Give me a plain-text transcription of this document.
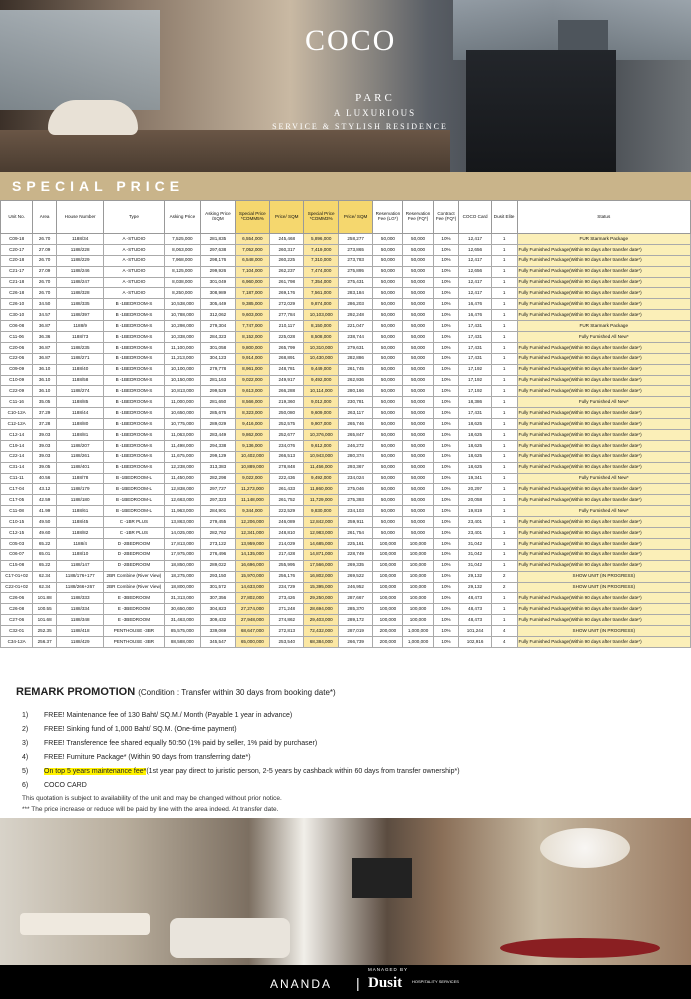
COCO
PARC
A LUXURIOUS
SERVICE & STYLISH RESIDENCE
SPECIAL PRICE
Unit No.	Area	House Number	Type	Asking Price	Asking Price /SQM	Special Price *COMM5%	Price/ SQM	Special Price *COMM3%	Price/ SQM	Reservation Fee (LG*)	Reservation Fee (FQ*)	Contract Fee (FQ*)	COCO Card	Dusit Elite	Status
C09-18	26.70	1188/34	A -STUDIO	7,525,000	281,835	6,554,000	245,468	5,896,000	258,277	50,000	50,000	10%	12,417	1	FUR Starmark Package
C20-17	27.09	1188/228	A -STUDIO	8,063,000	297,638	7,052,000	260,317	7,419,000	273,865	50,000	50,000	10%	12,656	1	Fully Furnished Package(Within 90 days after transfer date*)
C20-18	26.70	1188/229	A -STUDIO	7,968,000	298,176	6,548,000	260,225	7,310,000	273,783	50,000	50,000	10%	12,417	1	Fully Furnished Package(Within 90 days after transfer date*)
C21-17	27.09	1188/246	A -STUDIO	8,125,000	299,926	7,104,000	262,237	7,474,000	275,895	50,000	50,000	10%	12,656	1	Fully Furnished Package(Within 90 days after transfer date*)
C21-18	26.70	1188/247	A -STUDIO	8,038,000	301,049	6,960,000	261,798	7,354,000	275,431	50,000	50,000	10%	12,417	1	Fully Furnished Package(Within 90 days after transfer date*)
C26-18	26.70	1188/328	A -STUDIO	8,250,000	308,989	7,187,000	269,176	7,561,000	283,184	50,000	50,000	10%	12,417	1	Fully Furnished Package(Within 90 days after transfer date*)
C26-10	34.50	1188/335	B -1BEDROOM-S	10,538,000	305,449	9,385,000	272,029	9,874,000	286,203	50,000	50,000	10%	16,476	1	Fully Furnished Package(Within 90 days after transfer date*)
C30-10	34.57	1188/397	B -1BEDROOM-S	10,788,000	312,062	9,603,000	277,784	10,103,000	292,248	50,000	50,000	10%	16,476	1	Fully Furnished Package(Within 90 days after transfer date*)
C06-08	36.87	1188/9	B -1BEDROOM-S	10,298,000	279,304	7,747,000	210,117	8,150,000	221,047	50,000	50,000	10%	17,431	1	FUR Starmark Package
C11-06	36.36	1188/73	B -1BEDROOM-S	10,338,000	284,323	8,152,000	225,028	8,508,000	238,744	50,000	50,000	10%	17,431	1	Fully Furnished All New*
C20-06	36.87	1188/235	B -1BEDROOM-S	11,100,000	301,058	9,800,000	265,799	10,310,000	279,631	50,000	50,000	10%	17,431	1	Fully Furnished Package(Within 90 days after transfer date*)
C22-06	36.87	1188/271	B -1BEDROOM-S	11,213,000	304,123	9,914,000	268,891	10,430,000	282,886	50,000	50,000	10%	17,431	1	Fully Furnished Package(Within 90 days after transfer date*)
C09-09	36.10	1188/40	B -1BEDROOM-S	10,100,000	279,778	8,961,000	248,781	9,449,000	261,745	50,000	50,000	10%	17,192	1	Fully Furnished Package(Within 90 days after transfer date*)
C10-09	36.10	1188/58	B -1BEDROOM-S	10,150,000	281,163	9,022,000	249,917	9,492,000	262,936	50,000	50,000	10%	17,192	1	Fully Furnished Package(Within 90 days after transfer date*)
C22-09	36.10	1188/274	B -1BEDROOM-S	10,813,000	299,529	9,613,000	266,288	10,114,000	280,166	50,000	50,000	10%	17,192	1	Fully Furnished Package(Within 90 days after transfer date*)
C11-16	35.05	1188/85	B -1BEDROOM-S	11,000,000	281,650	8,566,000	219,360	9,012,000	230,781	50,000	50,000	10%	18,386	1	Fully Furnished All New*
C10-12A	37.29	1188/44	B -1BEDROOM-S	10,650,000	285,676	8,323,000	250,080	9,609,000	263,117	50,000	50,000	10%	17,431	1	Fully Furnished Package(Within 90 days after transfer date*)
C12-12A	37.28	1188/80	B -1BEDROOM-S	10,775,000	289,029	9,416,000	252,575	9,907,000	265,746	50,000	50,000	10%	18,625	1	Fully Furnished Package(Within 90 days after transfer date*)
C12-14	39.03	1188/81	B -1BEDROOM-S	11,063,000	283,449	9,862,000	252,677	10,376,000	265,847	50,000	50,000	10%	18,625	1	Fully Furnished Package(Within 90 days after transfer date*)
C19-14	39.03	1188/207	B -1BEDROOM-S	11,498,000	294,338	9,136,000	234,076	9,612,000	246,272	50,000	50,000	10%	18,625	1	Fully Furnished Package(Within 90 days after transfer date*)
C22-14	39.03	1188/261	B -1BEDROOM-S	11,675,000	299,129	10,402,000	266,513	10,943,000	280,374	50,000	50,000	10%	18,625	1	Fully Furnished Package(Within 90 days after transfer date*)
C31-14	39.05	1188/401	B -1BEDROOM-S	12,238,000	313,383	10,889,000	278,848	11,456,000	293,367	50,000	50,000	10%	18,625	1	Fully Furnished Package(Within 90 days after transfer date*)
C11-11	40.56	1188/78	B -1BEDROOM-L	11,450,000	282,298	9,022,000	222,436	9,492,000	234,024	50,000	50,000	10%	19,341	1	Fully Furnished All New*
C17-04	43.12	1188/179	B -1BEDROOM-L	12,838,000	297,727	11,273,000	261,433	11,860,000	275,046	50,000	50,000	10%	20,297	1	Fully Furnished Package(Within 90 days after transfer date*)
C17-05	42.59	1188/180	B -1BEDROOM-L	12,663,000	297,323	11,148,000	261,752	11,729,000	275,393	50,000	50,000	10%	20,058	1	Fully Furnished Package(Within 90 days after transfer date*)
C11-08	41.99	1188/61	B -1BEDROOM-L	11,963,000	284,901	9,344,000	222,529	9,830,000	234,103	50,000	50,000	10%	19,819	1	Fully Furnished All New*
C10-15	49.50	1188/45	C -1BR PLUS	13,863,000	279,455	12,206,000	246,089	12,842,000	259,911	50,000	50,000	10%	23,401	1	Fully Furnished Package(Within 90 days after transfer date*)
C12-15	49.60	1188/82	C -1BR PLUS	14,025,000	282,762	12,341,000	248,810	12,983,000	261,754	50,000	50,000	10%	23,401	1	Fully Furnished Package(Within 90 days after transfer date*)
C05-03	65.22	1188/4	D -2BEDROOM	17,813,000	273,122	13,959,000	214,029	14,685,000	225,161	100,000	100,000	10%	31,042	1	Fully Furnished Package(Within 90 days after transfer date*)
C06-07	65.01	1188/10	D -2BEDROOM	17,975,000	276,496	14,135,000	217,428	14,871,000	228,749	100,000	100,000	10%	31,042	1	Fully Furnished Package(Within 90 days after transfer date*)
C15-08	65.22	1188/147	D -2BEDROOM	18,850,000	289,022	16,696,000	255,995	17,566,000	269,335	100,000	100,000	10%	31,042	1	Fully Furnished Package(Within 90 days after transfer date*)
C17-01+02	62.34	1188/176+177	2BR Combine (River View)	18,275,000	293,150	15,970,000	256,176	16,802,000	269,522	100,000	100,000	10%	29,132	2	SHOW UNIT (IN PROGRESS)
C22-01+02	62.34	1188/266+267	2BR Combine (River View)	18,800,000	301,572	14,633,000	234,729	15,395,000	246,952	100,000	100,000	10%	29,132	2	SHOW UNIT (IN PROGRESS)
C26-06	101.88	1188/333	E -3BEDROOM	31,313,000	307,356	27,802,000	273,426	29,250,000	287,667	100,000	100,000	10%	48,473	1	Fully Furnished Package(Within 90 days after transfer date*)
C26-08	100.55	1188/334	E -3BEDROOM	30,650,000	304,823	27,274,000	271,248	28,694,000	285,370	100,000	100,000	10%	48,473	1	Fully Furnished Package(Within 90 days after transfer date*)
C27-06	101.68	1188/348	E -3BEDROOM	31,463,000	309,432	27,948,000	274,862	29,403,000	289,172	100,000	100,000	10%	48,473	1	Fully Furnished Package(Within 90 days after transfer date*)
C32-01	252.35	1188/418	PENTHOUSE -3BR	85,575,000	339,069	68,647,000	272,813	72,432,000	287,019	200,000	1,000,000	10%	101,244	4	SHOW UNIT (IN PROGRESS)
C34-12A	256.37	1188/429	PENTHOUSE -3BR	88,588,000	345,547	65,000,000	253,540	68,384,000	266,739	200,000	1,000,000	10%	102,916	4	Fully Furnished Package(Within 90 days after transfer date*)
REMARK PROMOTION (Condition : Transfer within 30 days from booking date*)
1)	FREE! Maintenance fee of 130 Baht/ SQ.M./ Month (Payable 1 year in advance)
2)	FREE! Sinking fund of 1,000 Baht/ SQ.M. (One-time payment)
3)	FREE! Transference fee shared equally 50:50 (1% paid by seller, 1% paid by purchaser)
4)	FREE! Furniture Package* (Within 90 days from transferring date*)
5)	On top 5 years maintenance fee* (1st year pay direct to juristic person, 2-5 years by cashback within 60 days from transfer ownership*)
6)	COCO CARD
This quotation is subject to availability of the unit and may be changed without prior notice.
*** The price increase or reduce will be paid by line with the area indeed. At transfer date.
ANANDA |
MANAGED BY
Dusit HOSPITALITY SERVICES
